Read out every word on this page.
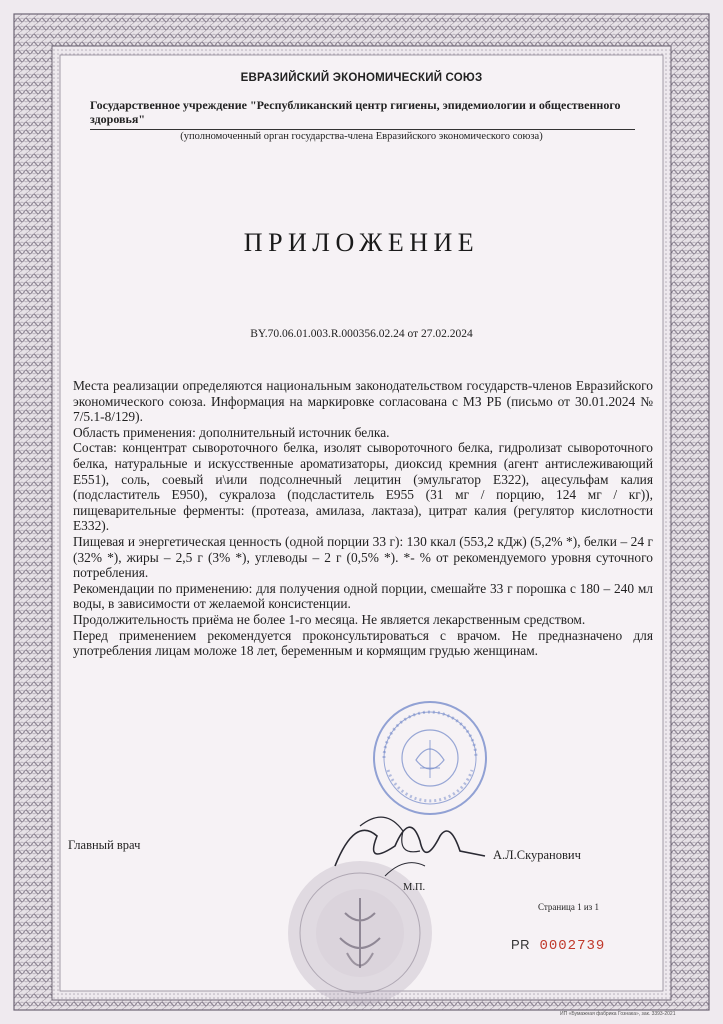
ЕВРАЗИЙСКИЙ ЭКОНОМИЧЕСКИЙ СОЮЗ
Государственное учреждение "Республиканский центр гигиены, эпидемиологии и общественного здоровья"
(уполномоченный орган государства-члена Евразийского экономического союза)
ПРИЛОЖЕНИЕ
BY.70.06.01.003.R.000356.02.24 от 27.02.2024

Места реализации определяются национальным законодательством государств-членов Евразийского экономического союза. Информация на маркировке согласована с МЗ РБ (письмо от 30.01.2024 № 7/5.1-8/129).

Область применения: дополнительный источник белка.

Состав: концентрат сывороточного белка, изолят сывороточного белка, гидролизат сывороточного белка, натуральные и искусственные ароматизаторы, диоксид кремния (агент антислеживающий Е551), соль, соевый и\или подсолнечный лецитин (эмульгатор Е322), ацесульфам калия (подсластитель Е950), сукралоза (подсластитель Е955 (31 мг / порцию, 124 мг / кг)), пищеварительные ферменты: (протеаза, амилаза, лактаза), цитрат калия (регулятор кислотности Е332).

Пищевая и энергетическая ценность (одной порции 33 г): 130 ккал (553,2 кДж) (5,2% *), белки – 24 г (32% *), жиры – 2,5 г (3% *), углеводы – 2 г (0,5% *). *- % от рекомендуемого уровня суточного потребления.

Рекомендации по применению: для получения одной порции, смешайте 33 г порошка с 180 – 240 мл воды, в зависимости от желаемой консистенции.

Продолжительность приёма не более 1-го месяца. Не является лекарственным средством.

Перед применением рекомендуется проконсультироваться с врачом. Не предназначено для употребления лицам моложе 18 лет, беременным и кормящим грудью женщинам.

Главный врач
А.Л.Скуранович
М.П.
Страница 1 из 1
PR 0002739
ИП «Бумажная фабрика Гознака», зак. 3393-2021
